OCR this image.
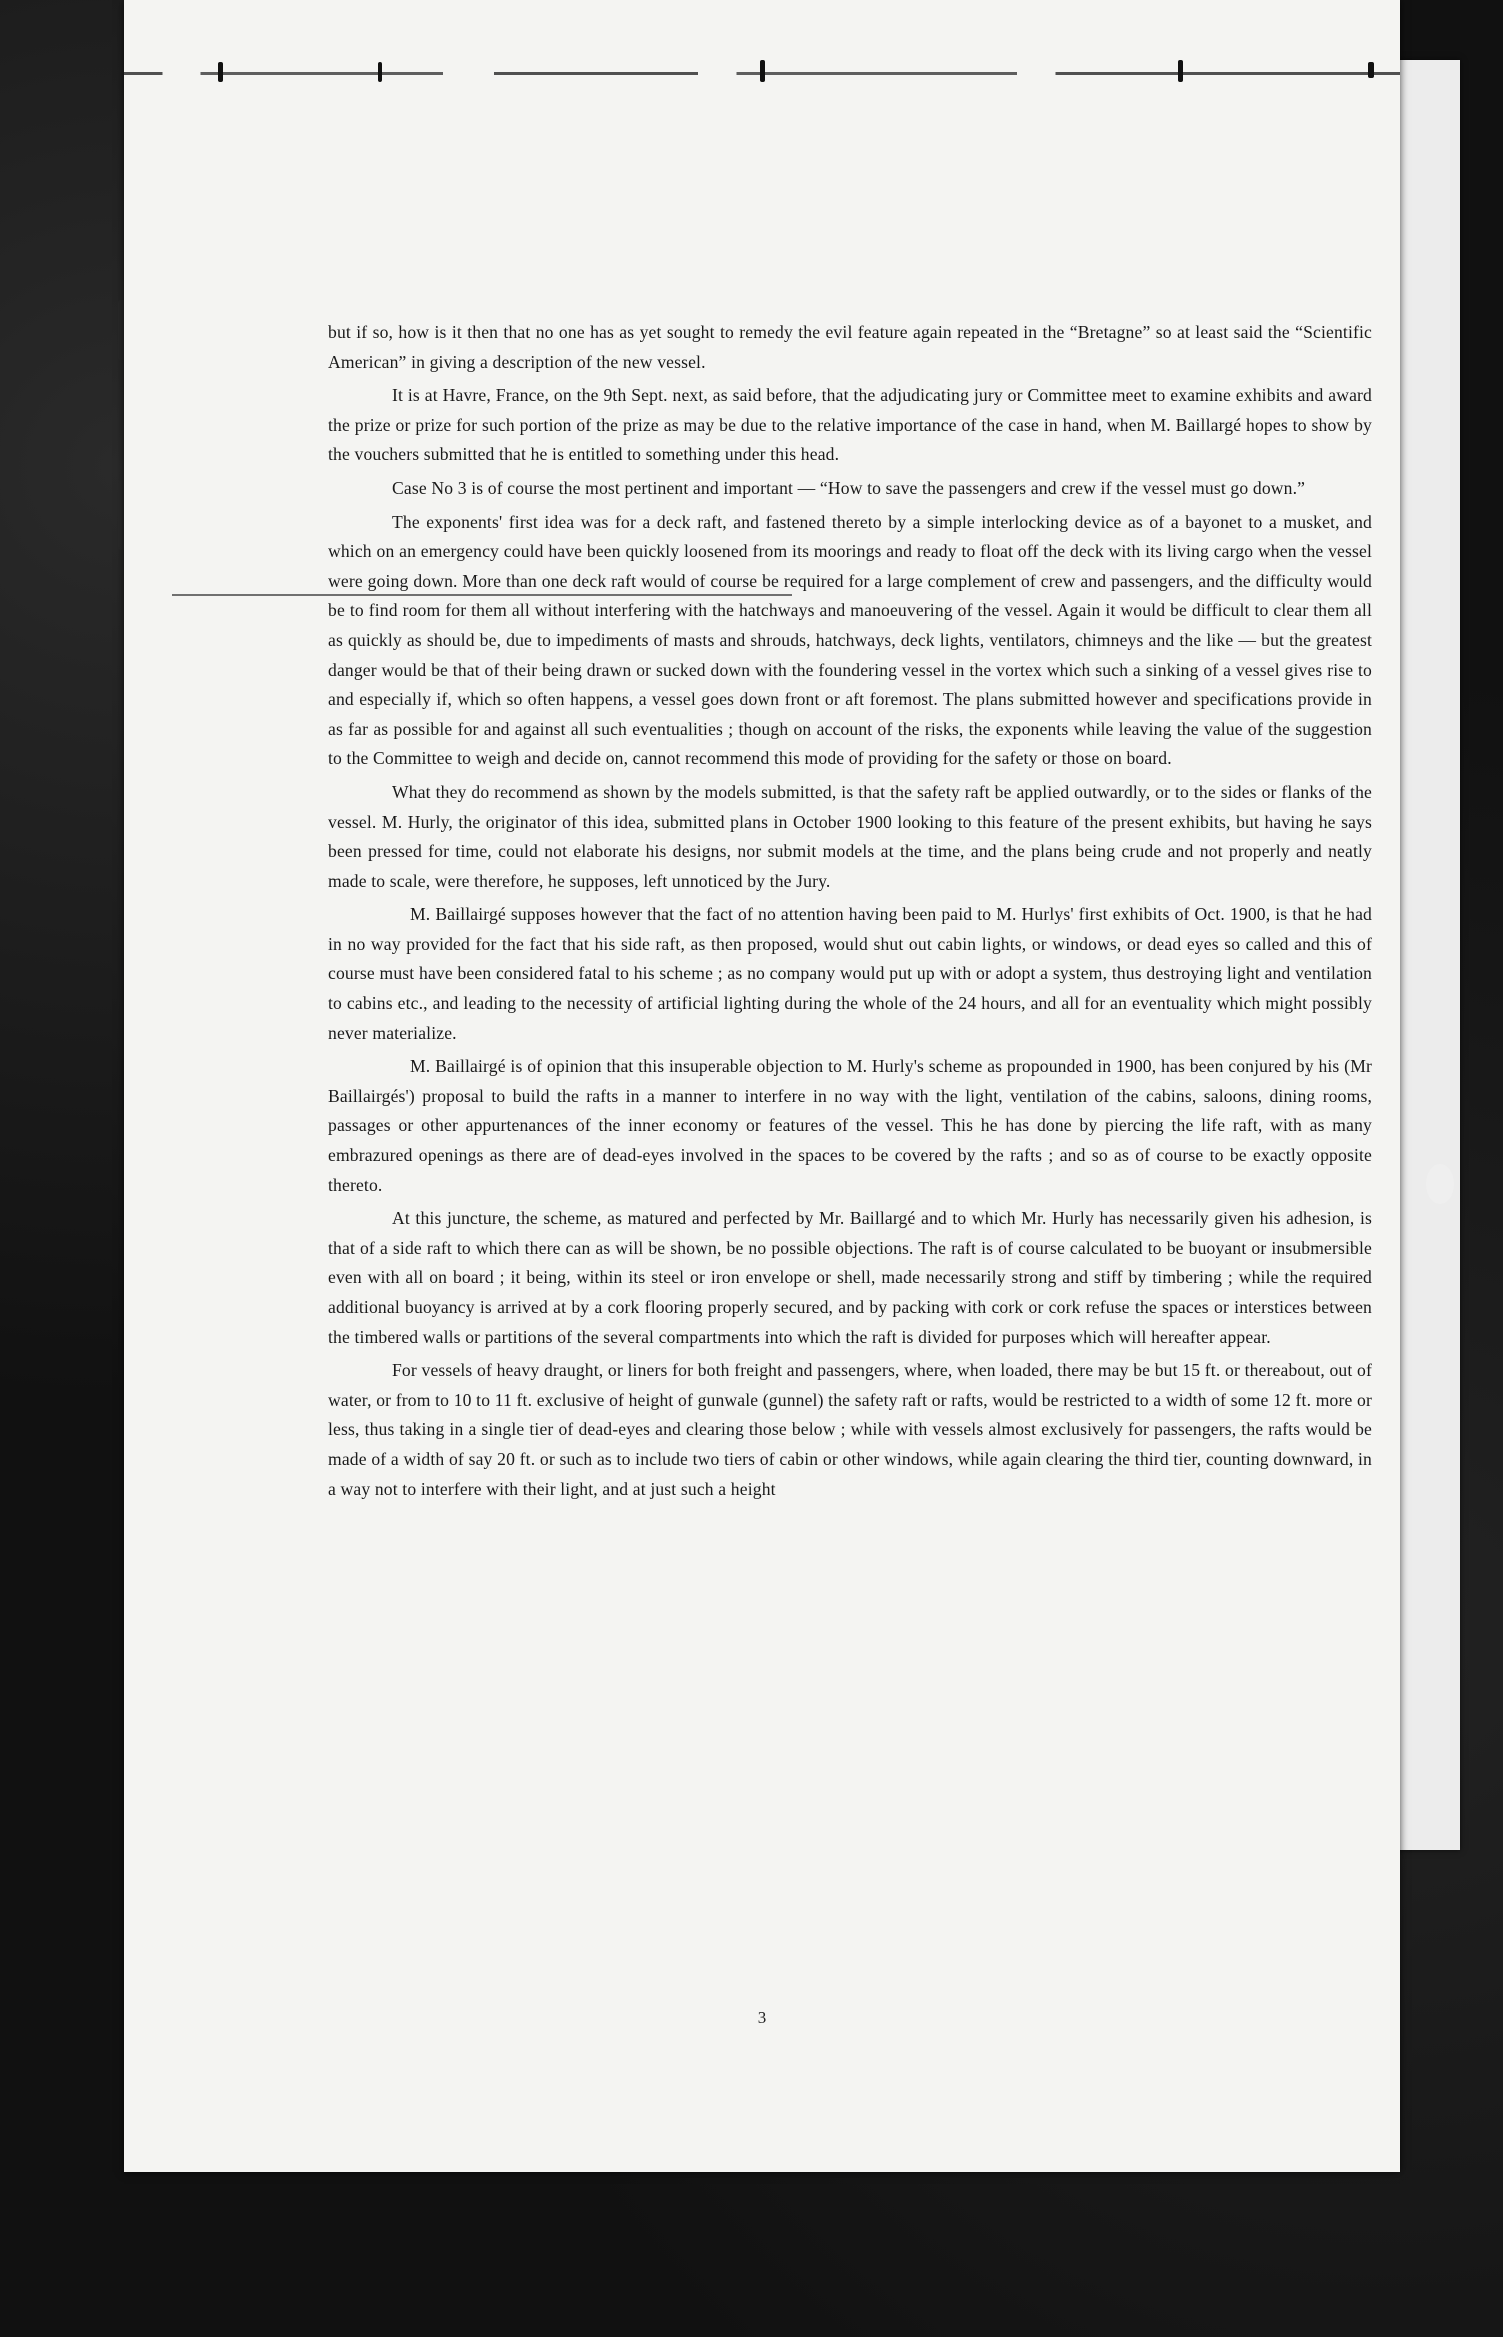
but if so, how is it then that no one has as yet sought to remedy the evil feature again repeated in the “Bretagne” so at least said the “Scientific American” in giving a description of the new vessel.

It is at Havre, France, on the 9th Sept. next, as said before, that the adjudicating jury or Committee meet to examine exhibits and award the prize or prize for such portion of the prize as may be due to the relative importance of the case in hand, when M. Baillargé hopes to show by the vouchers submitted that he is entitled to something under this head.

Case No 3 is of course the most pertinent and important — “How to save the passengers and crew if the vessel must go down.”

The exponents' first idea was for a deck raft, and fastened thereto by a simple interlocking device as of a bayonet to a musket, and which on an emergency could have been quickly loosened from its moorings and ready to float off the deck with its living cargo when the vessel were going down. More than one deck raft would of course be required for a large complement of crew and passengers, and the difficulty would be to find room for them all without interfering with the hatchways and manoeuvering of the vessel. Again it would be difficult to clear them all as quickly as should be, due to impediments of masts and shrouds, hatchways, deck lights, ventilators, chimneys and the like — but the greatest danger would be that of their being drawn or sucked down with the foundering vessel in the vortex which such a sinking of a vessel gives rise to and especially if, which so often happens, a vessel goes down front or aft foremost. The plans submitted however and specifications provide in as far as possible for and against all such eventualities ; though on account of the risks, the exponents while leaving the value of the suggestion to the Committee to weigh and decide on, cannot recommend this mode of providing for the safety or those on board.

What they do recommend as shown by the models submitted, is that the safety raft be applied outwardly, or to the sides or flanks of the vessel. M. Hurly, the originator of this idea, submitted plans in October 1900 looking to this feature of the present exhibits, but having he says been pressed for time, could not elaborate his designs, nor submit models at the time, and the plans being crude and not properly and neatly made to scale, were therefore, he supposes, left unnoticed by the Jury.

M. Baillairgé supposes however that the fact of no attention having been paid to M. Hurlys' first exhibits of Oct. 1900, is that he had in no way provided for the fact that his side raft, as then proposed, would shut out cabin lights, or windows, or dead eyes so called and this of course must have been considered fatal to his scheme ; as no company would put up with or adopt a system, thus destroying light and ventilation to cabins etc., and leading to the necessity of artificial lighting during the whole of the 24 hours, and all for an eventuality which might possibly never materialize.

M. Baillairgé is of opinion that this insuperable objection to M. Hurly's scheme as propounded in 1900, has been conjured by his (Mr Baillairgés') proposal to build the rafts in a manner to interfere in no way with the light, ventilation of the cabins, saloons, dining rooms, passages or other appurtenances of the inner economy or features of the vessel. This he has done by piercing the life raft, with as many embrazured openings as there are of dead-eyes involved in the spaces to be covered by the rafts ; and so as of course to be exactly opposite thereto.

At this juncture, the scheme, as matured and perfected by Mr. Baillargé and to which Mr. Hurly has necessarily given his adhesion, is that of a side raft to which there can as will be shown, be no possible objections. The raft is of course calculated to be buoyant or insubmersible even with all on board ; it being, within its steel or iron envelope or shell, made necessarily strong and stiff by timbering ; while the required additional buoyancy is arrived at by a cork flooring properly secured, and by packing with cork or cork refuse the spaces or interstices between the timbered walls or partitions of the several compartments into which the raft is divided for purposes which will hereafter appear.

For vessels of heavy draught, or liners for both freight and passengers, where, when loaded, there may be but 15 ft. or thereabout, out of water, or from to 10 to 11 ft. exclusive of height of gunwale (gunnel) the safety raft or rafts, would be restricted to a width of some 12 ft. more or less, thus taking in a single tier of dead-eyes and clearing those below ; while with vessels almost exclusively for passengers, the rafts would be made of a width of say 20 ft. or such as to include two tiers of cabin or other windows, while again clearing the third tier, counting downward, in a way not to interfere with their light, and at just such a height

3
